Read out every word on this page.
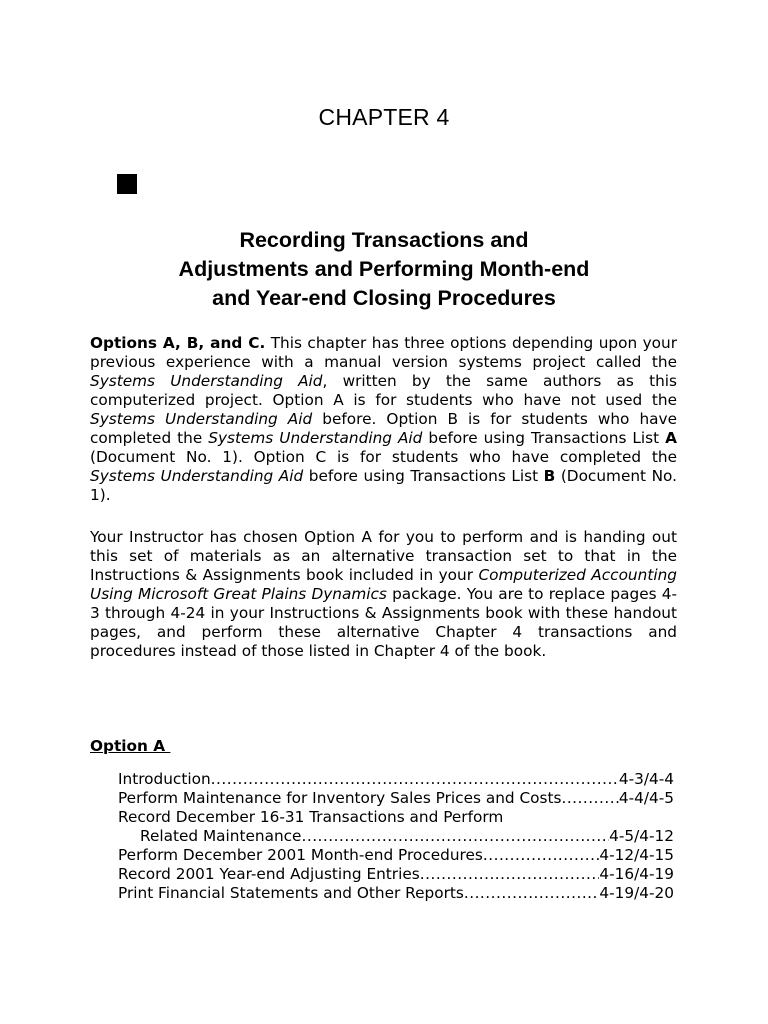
CHAPTER 4
Recording Transactions and
Adjustments and Performing Month-end
and Year-end Closing Procedures

Options A, B, and C. This chapter has three options depending upon your previous experience with a manual version systems project called the Systems Understanding Aid, written by the same authors as this computerized project. Option A is for students who have not used the Systems Understanding Aid before. Option B is for students who have completed the Systems Understanding Aid before using Transactions List A (Document No. 1). Option C is for students who have completed the Systems Understanding Aid before using Transactions List B (Document No. 1).

Your Instructor has chosen Option A for you to perform and is handing out this set of materials as an alternative transaction set to that in the Instructions & Assignments book included in your Computerized Accounting Using Microsoft Great Plains Dynamics package. You are to replace pages 4-3 through 4-24 in your Instructions & Assignments book with these handout pages, and perform these alternative Chapter 4 transactions and procedures instead of those listed in Chapter 4 of the book.

Option A
Introduction .....	4-3/4-4
Perform Maintenance for Inventory Sales Prices and Costs .....	4-4/4-5
Record December 16-31 Transactions and Perform
Related Maintenance .....	4-5/4-12
Perform December 2001 Month-end Procedures .....	4-12/4-15
Record 2001 Year-end Adjusting Entries .....	4-16/4-19
Print Financial Statements and Other Reports .....	4-19/4-20
